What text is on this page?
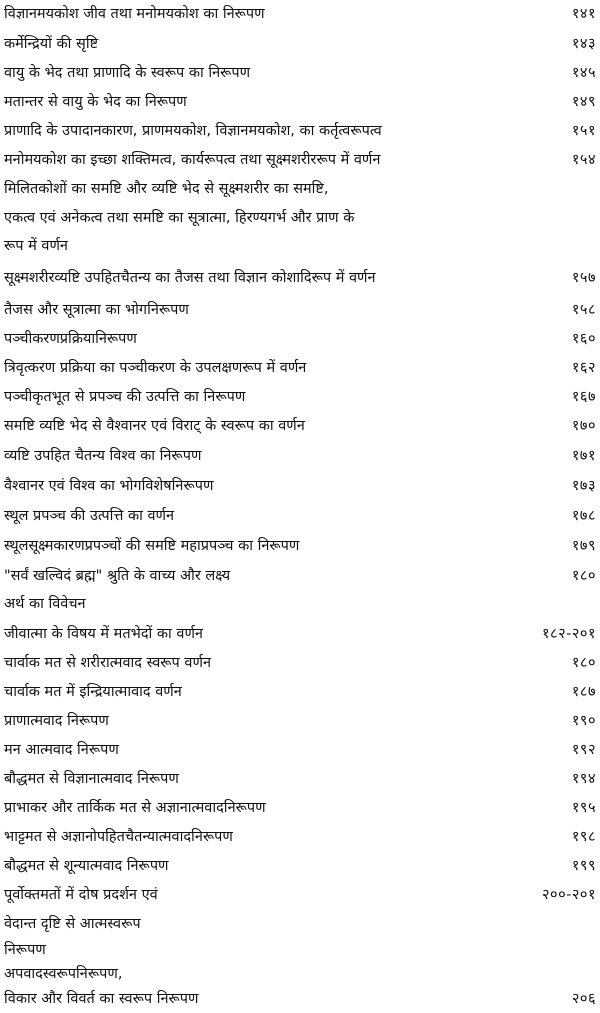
विज्ञानमयकोश जीव तथा मनोमयकोश का निरूपण	१४१
कर्मेन्द्रियों की सृष्टि	१४३
वायु के भेद तथा प्राणादि के स्वरूप का निरूपण	१४५
मतान्तर से वायु के भेद का निरूपण	१४९
प्राणादि के उपादानकारण, प्राणमयकोश, विज्ञानमयकोश, का कर्तृत्वरूपत्व	१५१
मनोमयकोश का इच्छा शक्तिमत्व, कार्यरूपत्व तथा सूक्ष्मशरीररूप में वर्णन	१५४
मिलितकोशों का समष्टि और व्यष्टि भेद से सूक्ष्मशरीर का समष्टि,
एकत्व एवं अनेकत्व तथा समष्टि का सूत्रात्मा, हिरण्यगर्भ और प्राण के
रूप में वर्णन
सूक्ष्मशरीरव्यष्टि उपहितचैतन्य का तैजस तथा विज्ञान कोशादिरूप में वर्णन	१५७
तैजस और सूत्रात्मा का भोगनिरूपण	१५८
पञ्चीकरणप्रक्रियानिरूपण	१६०
त्रिवृत्करण प्रक्रिया का पञ्चीकरण के उपलक्षणरूप में वर्णन	१६२
पञ्चीकृतभूत से प्रपञ्च की उत्पत्ति का निरूपण	१६७
समष्टि व्यष्टि भेद से वैश्वानर एवं विराट् के स्वरूप का वर्णन	१७०
व्यष्टि उपहित चैतन्य विश्व का निरूपण	१७१
वैश्वानर एवं विश्व का भोगविशेषनिरूपण	१७३
स्थूल प्रपञ्च की उत्पत्ति का वर्णन	१७८
स्थूलसूक्ष्मकारणप्रपञ्चों की समष्टि महाप्रपञ्च का निरूपण	१७९
"सर्वं खल्विदं ब्रह्म" श्रुति के वाच्य और लक्ष्य	१८०
अर्थ का विवेचन
जीवात्मा के विषय में मतभेदों का वर्णन	१८२-२०१
चार्वाक मत से शरीरात्मवाद स्वरूप वर्णन	१८०
चार्वाक मत में इन्द्रियात्मावाद वर्णन	१८७
प्राणात्मवाद निरूपण	१९०
मन आत्मवाद निरूपण	१९२
बौद्धमत से विज्ञानात्मवाद निरूपण	१९४
प्राभाकर और तार्किक मत से अज्ञानात्मवादनिरूपण	१९५
भाट्टमत से अज्ञानोपहितचैतन्यात्मवादनिरूपण	१९८
बौद्धमत से शून्यात्मवाद निरूपण	१९९
पूर्वोक्तमतों में दोष प्रदर्शन एवं	२००-२०१
वेदान्त दृष्टि से आत्मस्वरूप
निरूपण
अपवादस्वरूपनिरूपण,
विकार और विवर्त का स्वरूप निरूपण	२०६
